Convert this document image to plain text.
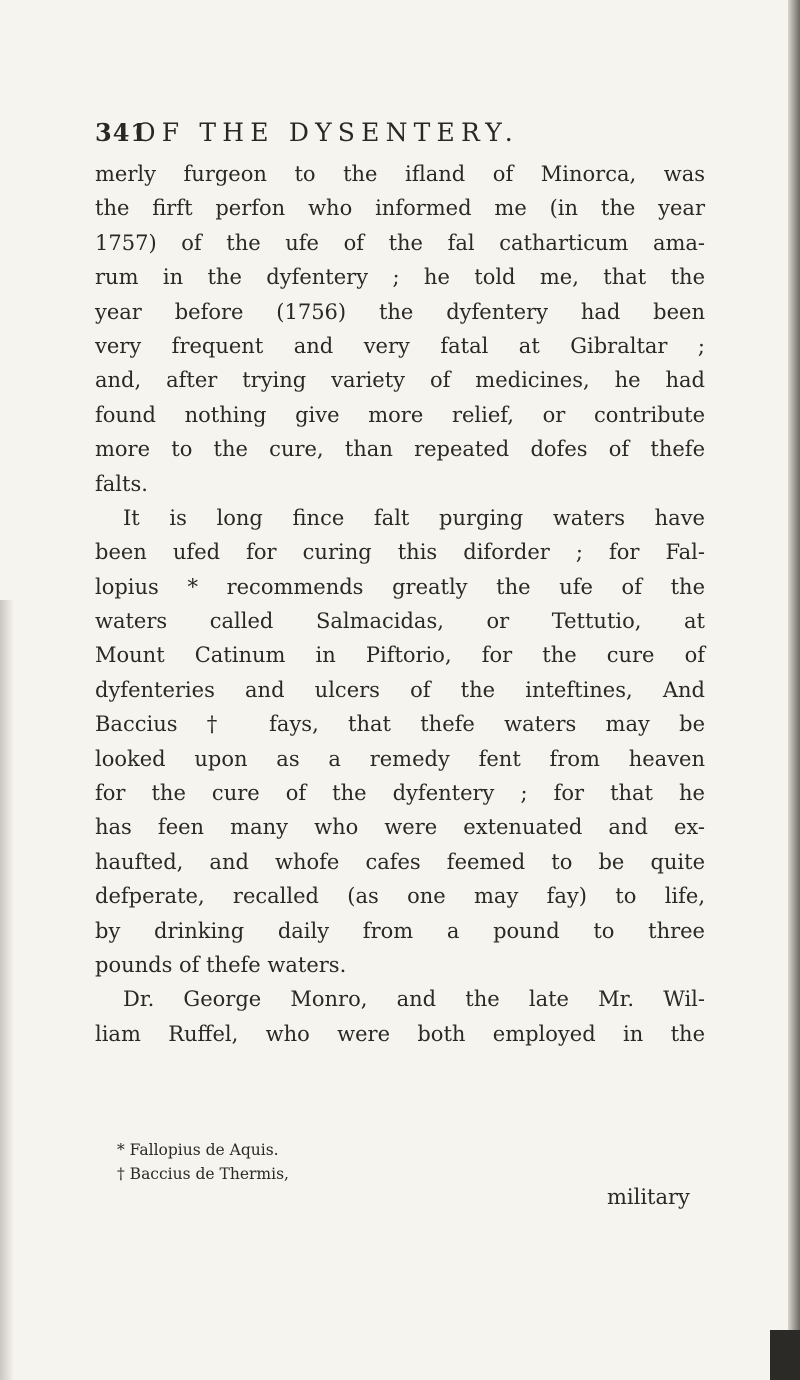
341
OF THE DYSENTERY.
merly furgeon to the ifland of Minorca, was
the firft perfon who informed me (in the year
1757) of the ufe of the fal catharticum ama-
rum in the dyfentery ; he told me, that the
year before (1756) the dyfentery had been
very frequent and very fatal at Gibraltar ;
and, after trying variety of medicines, he had
found nothing give more relief, or contribute
more to the cure, than repeated dofes of thefe
falts.
It is long fince falt purging waters have
been ufed for curing this diforder ; for Fal-
lopius * recommends greatly the ufe of the
waters called Salmacidas, or Tettutio, at
Mount Catinum in Piftorio, for the cure of
dyfenteries and ulcers of the inteftines, And
Baccius † fays, that thefe waters may be
looked upon as a remedy fent from heaven
for the cure of the dyfentery ; for that he
has feen many who were extenuated and ex-
haufted, and whofe cafes feemed to be quite
defperate, recalled (as one may fay) to life,
by drinking daily from a pound to three
pounds of thefe waters.
Dr. George Monro, and the late Mr. Wil-
liam Ruffel, who were both employed in the
* Fallopius de Aquis.
† Baccius de Thermis,
military
